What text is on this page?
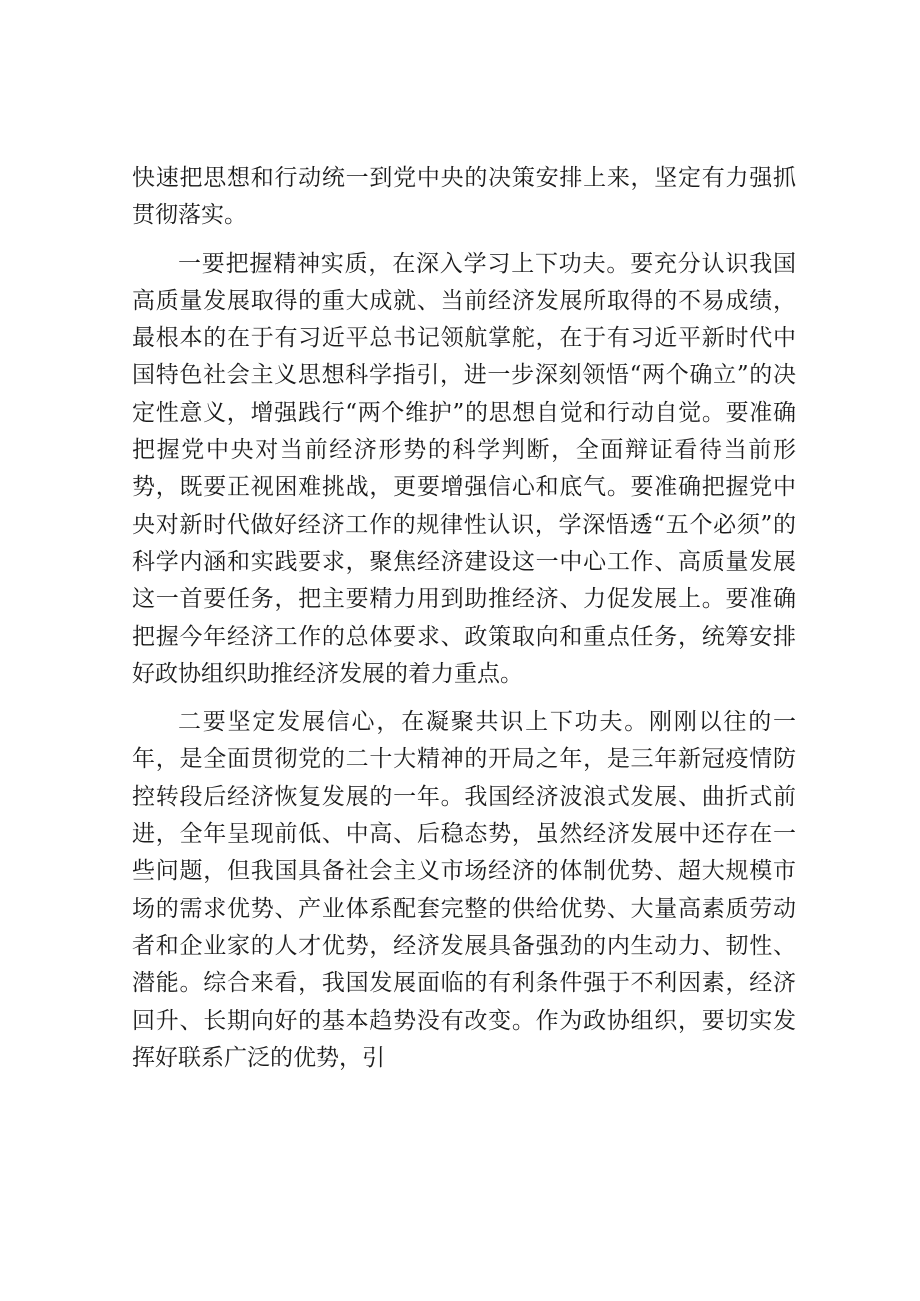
快速把思想和行动统一到党中央的决策安排上来，坚定有力强抓贯彻落实。

一要把握精神实质，在深入学习上下功夫。要充分认识我国高质量发展取得的重大成就、当前经济发展所取得的不易成绩，最根本的在于有习近平总书记领航掌舵，在于有习近平新时代中国特色社会主义思想科学指引，进一步深刻领悟“两个确立”的决定性意义，增强践行“两个维护”的思想自觉和行动自觉。要准确把握党中央对当前经济形势的科学判断，全面辩证看待当前形势，既要正视困难挑战，更要增强信心和底气。要准确把握党中央对新时代做好经济工作的规律性认识，学深悟透“五个必须”的科学内涵和实践要求，聚焦经济建设这一中心工作、高质量发展这一首要任务，把主要精力用到助推经济、力促发展上。要准确把握今年经济工作的总体要求、政策取向和重点任务，统筹安排好政协组织助推经济发展的着力重点。

二要坚定发展信心，在凝聚共识上下功夫。刚刚以往的一年，是全面贯彻党的二十大精神的开局之年，是三年新冠疫情防控转段后经济恢复发展的一年。我国经济波浪式发展、曲折式前进，全年呈现前低、中高、后稳态势，虽然经济发展中还存在一些问题，但我国具备社会主义市场经济的体制优势、超大规模市场的需求优势、产业体系配套完整的供给优势、大量高素质劳动者和企业家的人才优势，经济发展具备强劲的内生动力、韧性、潜能。综合来看，我国发展面临的有利条件强于不利因素，经济回升、长期向好的基本趋势没有改变。作为政协组织，要切实发挥好联系广泛的优势，引
